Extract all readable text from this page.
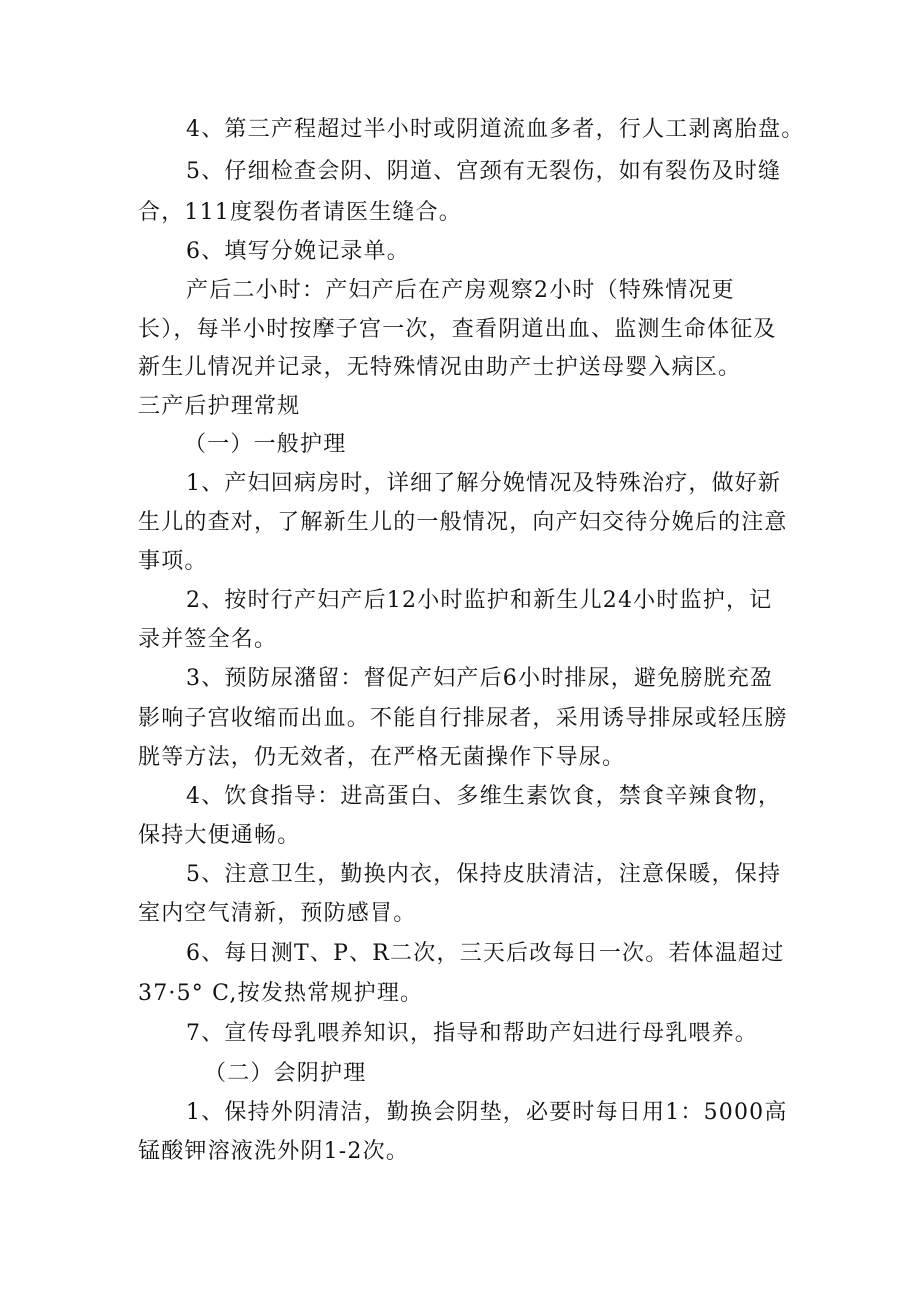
4、第三产程超过半小时或阴道流血多者，行人工剥离胎盘。
5、仔细检查会阴、阴道、宫颈有无裂伤，如有裂伤及时缝
合，111度裂伤者请医生缝合。
6、填写分娩记录单。
产后二小时：产妇产后在产房观察2小时（特殊情况更
长），每半小时按摩子宫一次，查看阴道出血、监测生命体征及
新生儿情况并记录，无特殊情况由助产士护送母婴入病区。
三产后护理常规
（一）一般护理
1、产妇回病房时，详细了解分娩情况及特殊治疗，做好新
生儿的查对，了解新生儿的一般情况，向产妇交待分娩后的注意
事项。
2、按时行产妇产后12小时监护和新生儿24小时监护，记
录并签全名。
3、预防尿潴留：督促产妇产后6小时排尿，避免膀胱充盈
影响子宫收缩而出血。不能自行排尿者，采用诱导排尿或轻压膀
胱等方法，仍无效者，在严格无菌操作下导尿。
4、饮食指导：进高蛋白、多维生素饮食，禁食辛辣食物，
保持大便通畅。
5、注意卫生，勤换内衣，保持皮肤清洁，注意保暖，保持
室内空气清新，预防感冒。
6、每日测T、P、R二次，三天后改每日一次。若体温超过
37·5° C,按发热常规护理。
7、宣传母乳喂养知识，指导和帮助产妇进行母乳喂养。
（二）会阴护理
1、保持外阴清洁，勤换会阴垫，必要时每日用1：5000高
锰酸钾溶液洗外阴1-2次。
